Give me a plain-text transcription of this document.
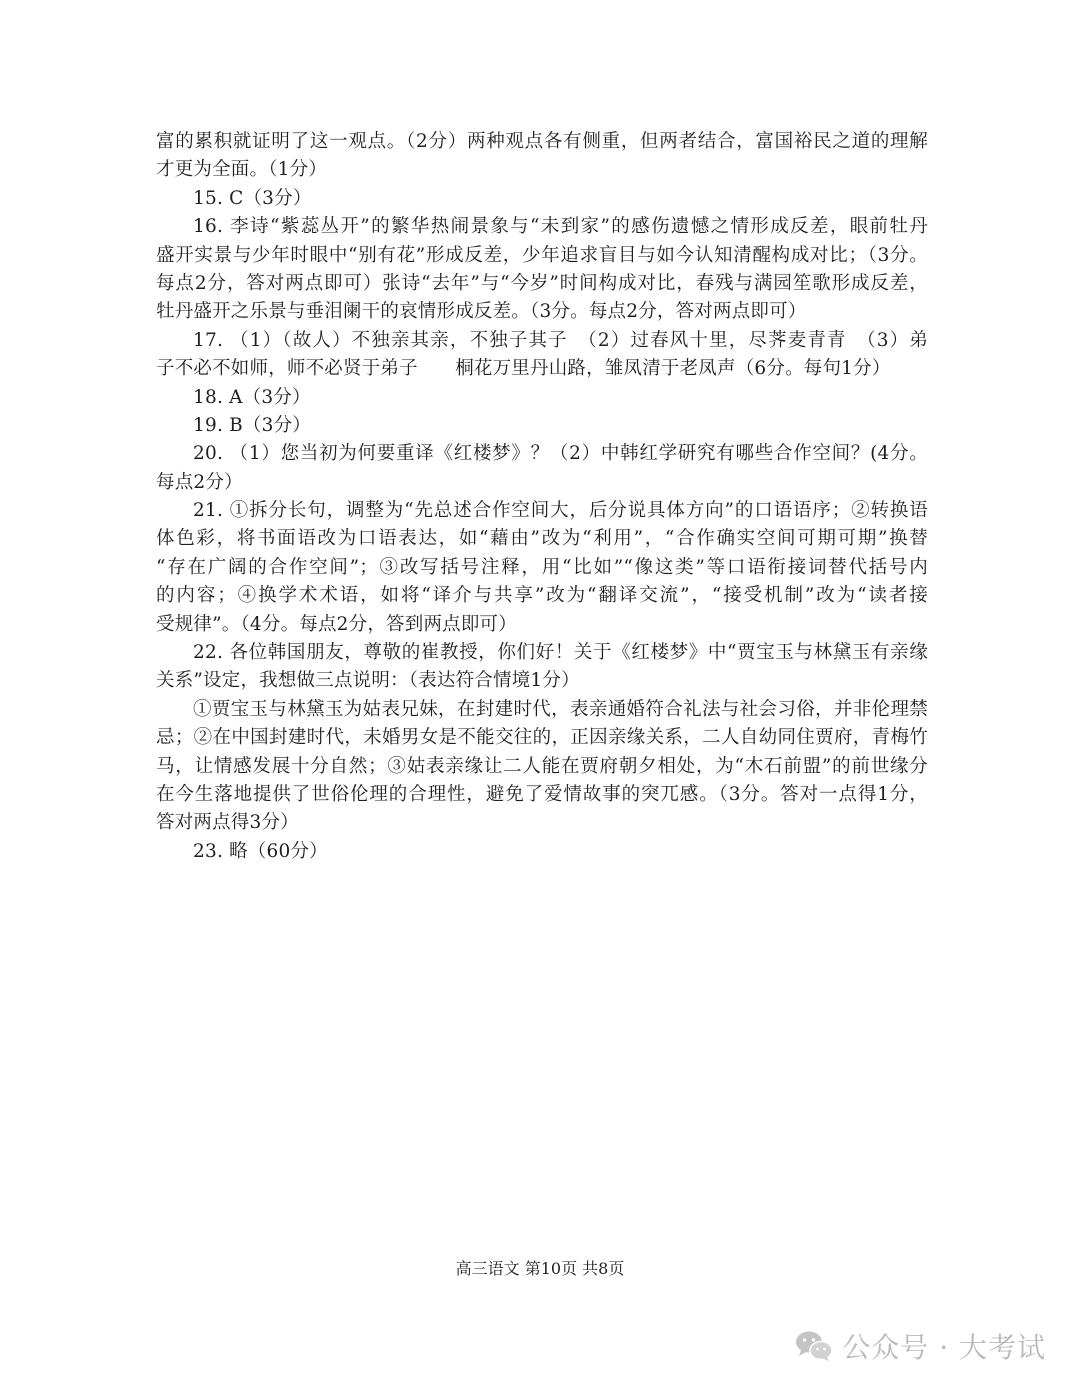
富的累积就证明了这一观点。（2分）两种观点各有侧重，但两者结合，富国裕民之道的理解
才更为全面。（1分）
15. C（3分）
16. 李诗“紫蕊丛开”的繁华热闹景象与“未到家”的感伤遗憾之情形成反差，眼前牡丹
盛开实景与少年时眼中“别有花”形成反差，少年追求盲目与如今认知清醒构成对比；（3分。
每点2分，答对两点即可）张诗“去年”与“今岁”时间构成对比，春残与满园笙歌形成反差，
牡丹盛开之乐景与垂泪阑干的哀情形成反差。（3分。每点2分，答对两点即可）
17. （1）（故人）不独亲其亲，不独子其子　（2）过春风十里，尽荠麦青青　（3）弟
子不必不如师，师不必贤于弟子　　桐花万里丹山路，雏凤清于老凤声（6分。每句1分）
18. A（3分）
19. B（3分）
20. （1）您当初为何要重译《红楼梦》？（2）中韩红学研究有哪些合作空间？(4分。
每点2分）
21. ①拆分长句，调整为“先总述合作空间大，后分说具体方向”的口语语序；②转换语
体色彩，将书面语改为口语表达，如“藉由”改为“利用”，“合作确实空间可期可期”换替
“存在广阔的合作空间”；③改写括号注释，用“比如”“像这类”等口语衔接词替代括号内
的内容；④换学术术语，如将“译介与共享”改为“翻译交流”，“接受机制”改为“读者接
受规律”。（4分。每点2分，答到两点即可）
22. 各位韩国朋友，尊敬的崔教授，你们好！关于《红楼梦》中“贾宝玉与林黛玉有亲缘
关系”设定，我想做三点说明：（表达符合情境1分）
①贾宝玉与林黛玉为姑表兄妹，在封建时代，表亲通婚符合礼法与社会习俗，并非伦理禁
忌；②在中国封建时代，未婚男女是不能交往的，正因亲缘关系，二人自幼同住贾府，青梅竹
马，让情感发展十分自然；③姑表亲缘让二人能在贾府朝夕相处，为“木石前盟”的前世缘分
在今生落地提供了世俗伦理的合理性，避免了爱情故事的突兀感。（3分。答对一点得1分，
答对两点得3分）
23. 略（60分）
高三语文 第10页 共8页
公众号 · 大考试
